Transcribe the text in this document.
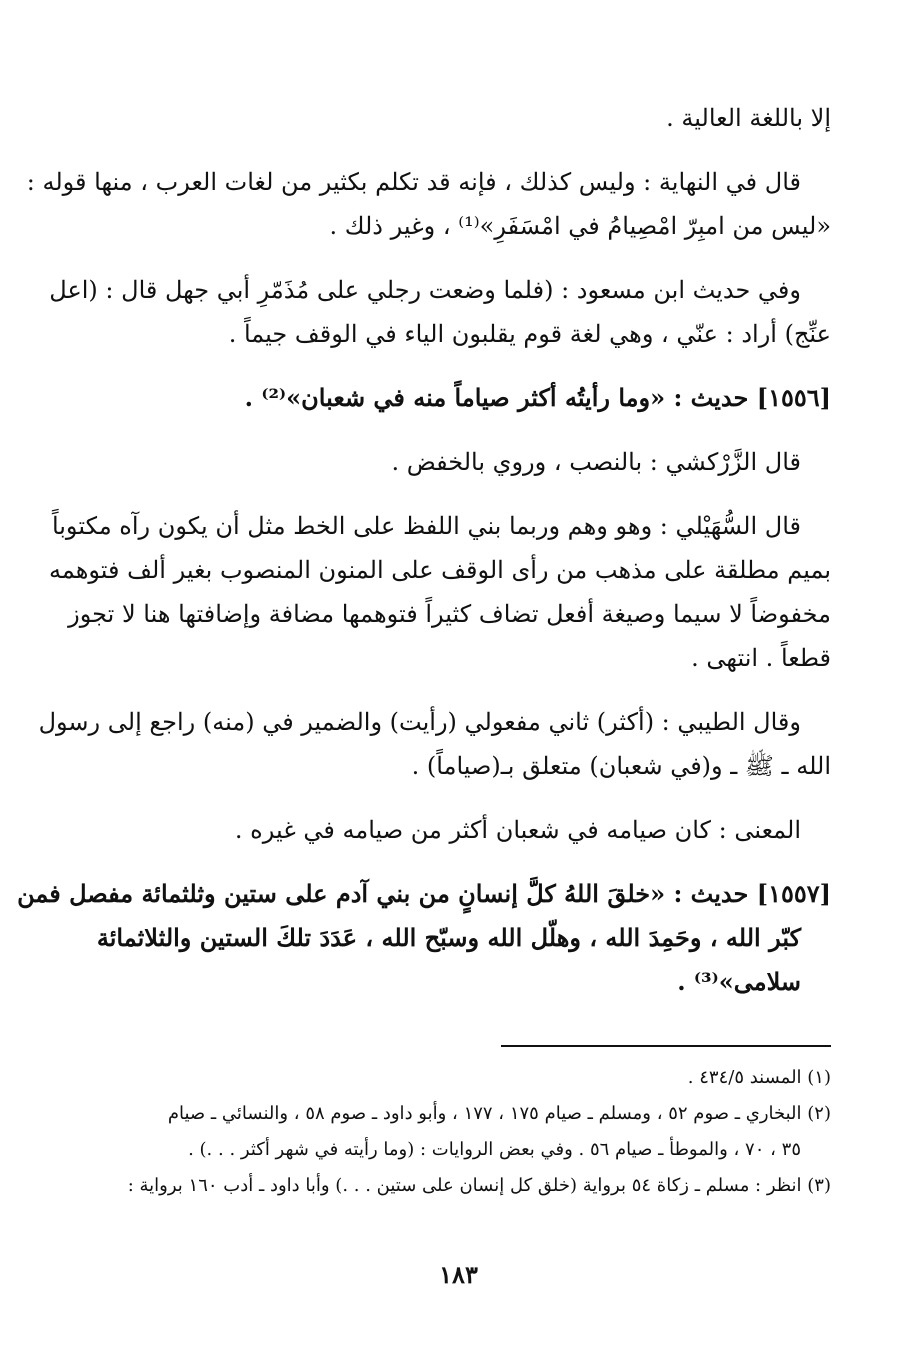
إلا باللغة العالية .
قال في النهاية : وليس كذلك ، فإنه قد تكلم بكثير من لغات العرب ، منها قوله :
«ليس من امبِرّ امْصِيامُ في امْسَفَرِ»⁽¹⁾ ، وغير ذلك .
وفي حديث ابن مسعود : (فلما وضعت رجلي على مُذَمّرِ أبي جهل قال : (اعل
عنِّج) أراد : عنّي ، وهي لغة قوم يقلبون الياء في الوقف جيماً .
[١٥٥٦] حديث : «وما رأيتُه أكثر صياماً منه في شعبان»⁽²⁾ .
قال الزَّرْكشي : بالنصب ، وروي بالخفض .
قال السُّهَيْلي : وهو وهم وربما بني اللفظ على الخط مثل أن يكون رآه مكتوباً
بميم مطلقة على مذهب من رأى الوقف على المنون المنصوب بغير ألف فتوهمه
مخفوضاً لا سيما وصيغة أفعل تضاف كثيراً فتوهمها مضافة وإضافتها هنا لا تجوز
قطعاً . انتهى .
وقال الطيبي : (أكثر) ثاني مفعولي (رأيت) والضمير في (منه) راجع إلى رسول
الله ـ ﷺ ـ و(في شعبان) متعلق بـ(صياماً) .
المعنى : كان صيامه في شعبان أكثر من صيامه في غيره .
[١٥٥٧] حديث : «خلقَ اللهُ كلَّ إنسانٍ من بني آدم على ستين وثلثمائة مفصل فمن
كبّر الله ، وحَمِدَ الله ، وهلّل الله وسبّح الله ، عَدَدَ تلكَ الستين والثلاثمائة
سلامى»⁽³⁾ .

(١) المسند ٤٣٤/٥ .

(٢) البخاري ـ صوم ٥٢ ، ومسلم ـ صيام ١٧٥ ، ١٧٧ ، وأبو داود ـ صوم ٥٨ ، والنسائي ـ صيام

٣٥ ، ٧٠ ، والموطأ ـ صيام ٥٦ . وفي بعض الروايات : (وما رأيته في شهر أكثر . . .) .

(٣) انظر : مسلم ـ زكاة ٥٤ برواية (خلق كل إنسان على ستين . . .) وأبا داود ـ أدب ١٦٠ برواية :

١٨٣
